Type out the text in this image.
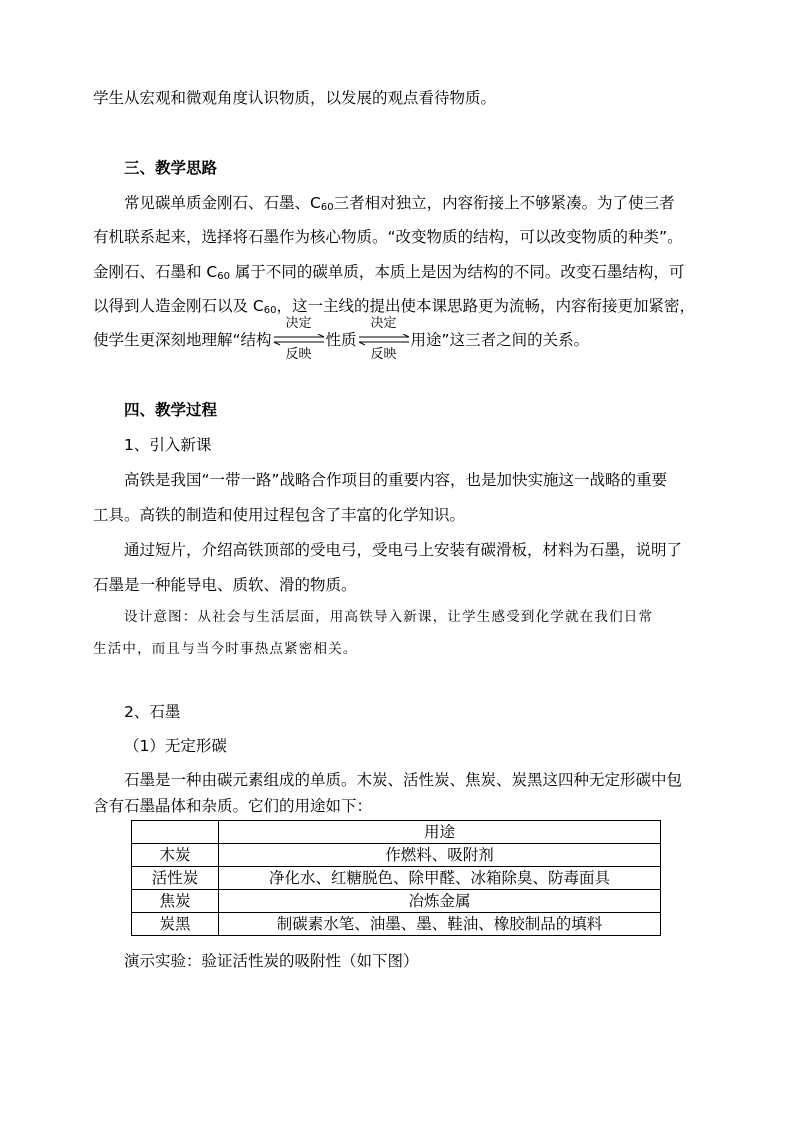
学生从宏观和微观角度认识物质，以发展的观点看待物质。
三、教学思路
常见碳单质金刚石、石墨、$C_{60}$三者相对独立，内容衔接上不够紧凑。为了使三者
有机联系起来，选择将石墨作为核心物质。“改变物质的结构，可以改变物质的种类”。
金刚石、石墨和 $C_{60}$ 属于不同的碳单质，本质上是因为结构的不同。改变石墨结构，可
以得到人造金刚石以及 $C_{60}$，这一主线的提出使本课思路更为流畅，内容衔接更加紧密，
使学生更深刻地理解“结构
决定
反映
性质
决定
反映
用途”这三者之间的关系。
四、教学过程
1、引入新课
高铁是我国“一带一路”战略合作项目的重要内容，也是加快实施这一战略的重要
工具。高铁的制造和使用过程包含了丰富的化学知识。
通过短片，介绍高铁顶部的受电弓，受电弓上安装有碳滑板，材料为石墨，说明了
石墨是一种能导电、质软、滑的物质。
设计意图：从社会与生活层面，用高铁导入新课，让学生感受到化学就在我们日常
生活中，而且与当今时事热点紧密相关。
2、石墨
（1）无定形碳
石墨是一种由碳元素组成的单质。木炭、活性炭、焦炭、炭黑这四种无定形碳中包
含有石墨晶体和杂质。它们的用途如下：
	用途
木炭	作燃料、吸附剂
活性炭	净化水、红糖脱色、除甲醛、冰箱除臭、防毒面具
焦炭	冶炼金属
炭黑	制碳素水笔、油墨、墨、鞋油、橡胶制品的填料
演示实验：验证活性炭的吸附性（如下图）
